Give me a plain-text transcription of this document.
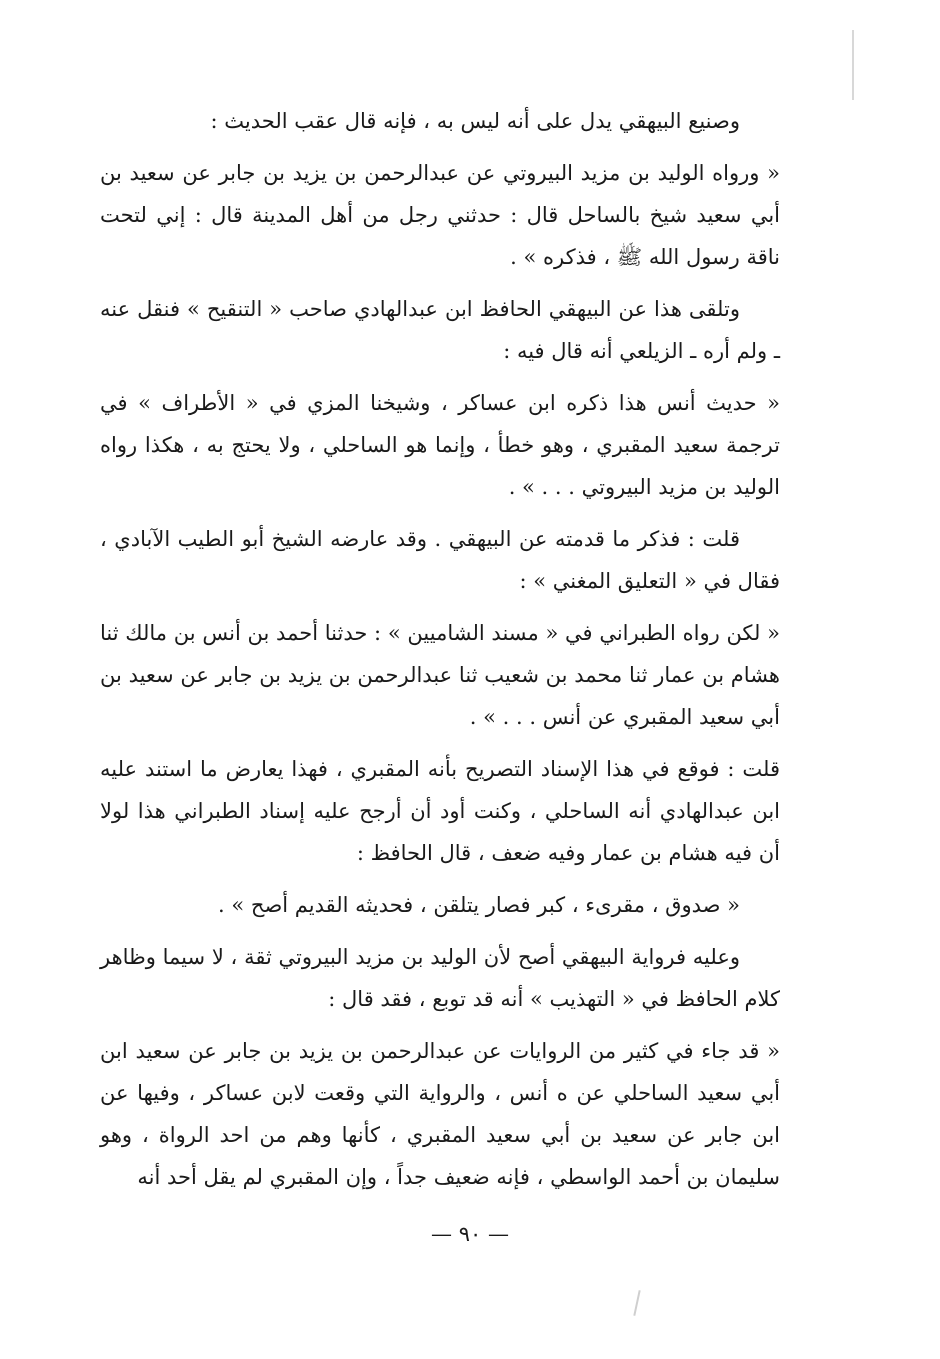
وصنيع البيهقي يدل على أنه ليس به ، فإنه قال عقب الحديث :

« ورواه الوليد بن مزيد البيروتي عن عبدالرحمن بن يزيد بن جابر عن سعيد بن أبي سعيد شيخ بالساحل قال : حدثني رجل من أهل المدينة قال : إني لتحت ناقة رسول الله ﷺ ، فذكره » .

وتلقى هذا عن البيهقي الحافظ ابن عبدالهادي صاحب « التنقيح » فنقل عنه ـ ولم أره ـ الزيلعي أنه قال فيه :

« حديث أنس هذا ذكره ابن عساكر ، وشيخنا المزي في « الأطراف » في ترجمة سعيد المقبري ، وهو خطأ ، وإنما هو الساحلي ، ولا يحتج به ، هكذا رواه الوليد بن مزيد البيروتي . . . » .

قلت : فذكر ما قدمته عن البيهقي . وقد عارضه الشيخ أبو الطيب الآبادي ، فقال في « التعليق المغني » :

« لكن رواه الطبراني في « مسند الشاميين » : حدثنا أحمد بن أنس بن مالك ثنا هشام بن عمار ثنا محمد بن شعيب ثنا عبدالرحمن بن يزيد بن جابر عن سعيد بن أبي سعيد المقبري عن أنس . . . » .

قلت : فوقع في هذا الإسناد التصريح بأنه المقبري ، فهذا يعارض ما استند عليه ابن عبدالهادي أنه الساحلي ، وكنت أود أن أرجح عليه إسناد الطبراني هذا لولا أن فيه هشام بن عمار وفيه ضعف ، قال الحافظ :

« صدوق ، مقرىء ، كبر فصار يتلقن ، فحديثه القديم أصح » .

وعليه فرواية البيهقي أصح لأن الوليد بن مزيد البيروتي ثقة ، لا سيما وظاهر كلام الحافظ في « التهذيب » أنه قد توبع ، فقد قال :

« قد جاء في كثير من الروايات عن عبدالرحمن بن يزيد بن جابر عن سعيد ابن أبي سعيد الساحلي عن ه أنس ، والرواية التي وقعت لابن عساكر ، وفيها عن ابن جابر عن سعيد بن أبي سعيد المقبري ، كأنها وهم من احد الرواة ، وهو سليمان بن أحمد الواسطي ، فإنه ضعيف جداً ، وإن المقبري لم يقل أحد أنه

— ٩٠ —
